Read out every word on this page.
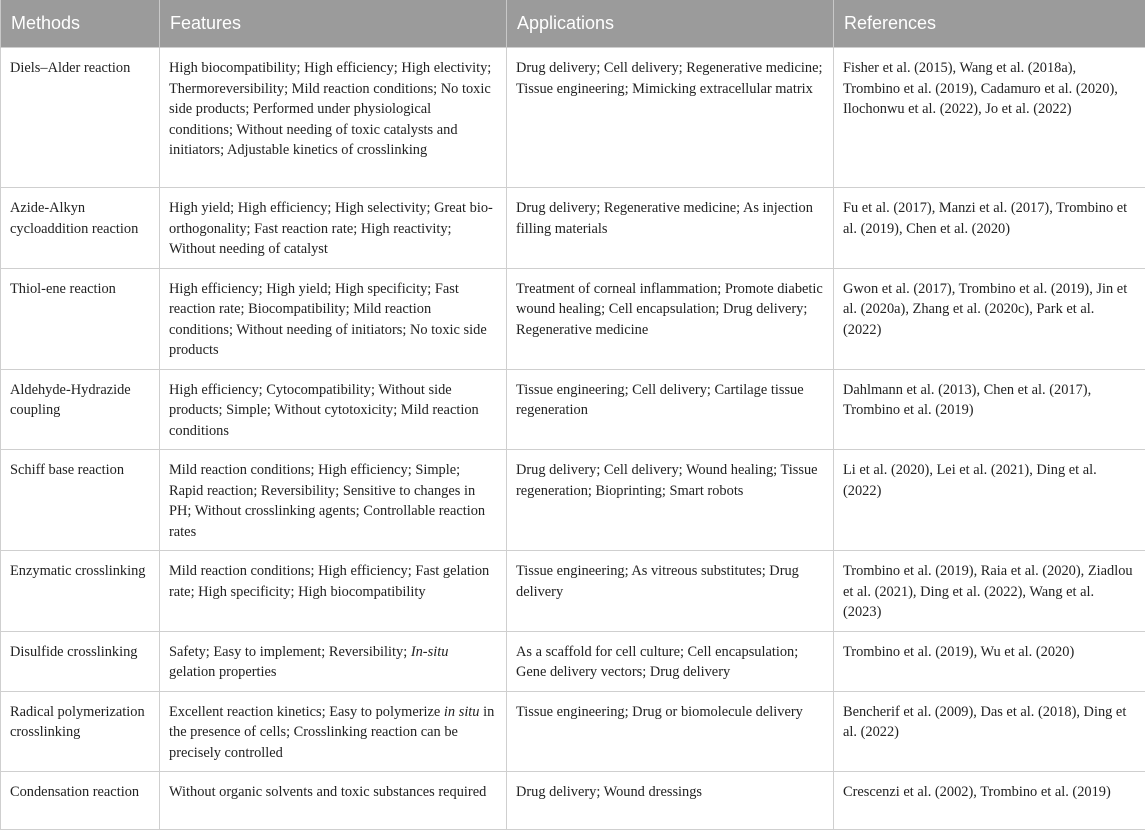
Methods	Features	Applications	References
Diels–Alder reaction	High biocompatibility; High efficiency; High electivity; Thermoreversibility; Mild reaction conditions; No toxic side products; Performed under physiological conditions; Without needing of toxic catalysts and initiators; Adjustable kinetics of crosslinking	Drug delivery; Cell delivery; Regenerative medicine; Tissue engineering; Mimicking extracellular matrix	Fisher et al. (2015), Wang et al. (2018a), Trombino et al. (2019), Cadamuro et al. (2020), Ilochonwu et al. (2022), Jo et al. (2022)
Azide-Alkyn cycloaddition reaction	High yield; High efficiency; High selectivity; Great bio-orthogonality; Fast reaction rate; High reactivity; Without needing of catalyst	Drug delivery; Regenerative medicine; As injection filling materials	Fu et al. (2017), Manzi et al. (2017), Trombino et al. (2019), Chen et al. (2020)
Thiol-ene reaction	High efficiency; High yield; High specificity; Fast reaction rate; Biocompatibility; Mild reaction conditions; Without needing of initiators; No toxic side products	Treatment of corneal inflammation; Promote diabetic wound healing; Cell encapsulation; Drug delivery; Regenerative medicine	Gwon et al. (2017), Trombino et al. (2019), Jin et al. (2020a), Zhang et al. (2020c), Park et al. (2022)
Aldehyde-Hydrazide coupling	High efficiency; Cytocompatibility; Without side products; Simple; Without cytotoxicity; Mild reaction conditions	Tissue engineering; Cell delivery; Cartilage tissue regeneration	Dahlmann et al. (2013), Chen et al. (2017), Trombino et al. (2019)
Schiff base reaction	Mild reaction conditions; High efficiency; Simple; Rapid reaction; Reversibility; Sensitive to changes in PH; Without crosslinking agents; Controllable reaction rates	Drug delivery; Cell delivery; Wound healing; Tissue regeneration; Bioprinting; Smart robots	Li et al. (2020), Lei et al. (2021), Ding et al. (2022)
Enzymatic crosslinking	Mild reaction conditions; High efficiency; Fast gelation rate; High specificity; High biocompatibility	Tissue engineering; As vitreous substitutes; Drug delivery	Trombino et al. (2019), Raia et al. (2020), Ziadlou et al. (2021), Ding et al. (2022), Wang et al. (2023)
Disulfide crosslinking	Safety; Easy to implement; Reversibility; In-situ gelation properties	As a scaffold for cell culture; Cell encapsulation; Gene delivery vectors; Drug delivery	Trombino et al. (2019), Wu et al. (2020)
Radical polymerization crosslinking	Excellent reaction kinetics; Easy to polymerize in situ in the presence of cells; Crosslinking reaction can be precisely controlled	Tissue engineering; Drug or biomolecule delivery	Bencherif et al. (2009), Das et al. (2018), Ding et al. (2022)
Condensation reaction	Without organic solvents and toxic substances required	Drug delivery; Wound dressings	Crescenzi et al. (2002), Trombino et al. (2019)
